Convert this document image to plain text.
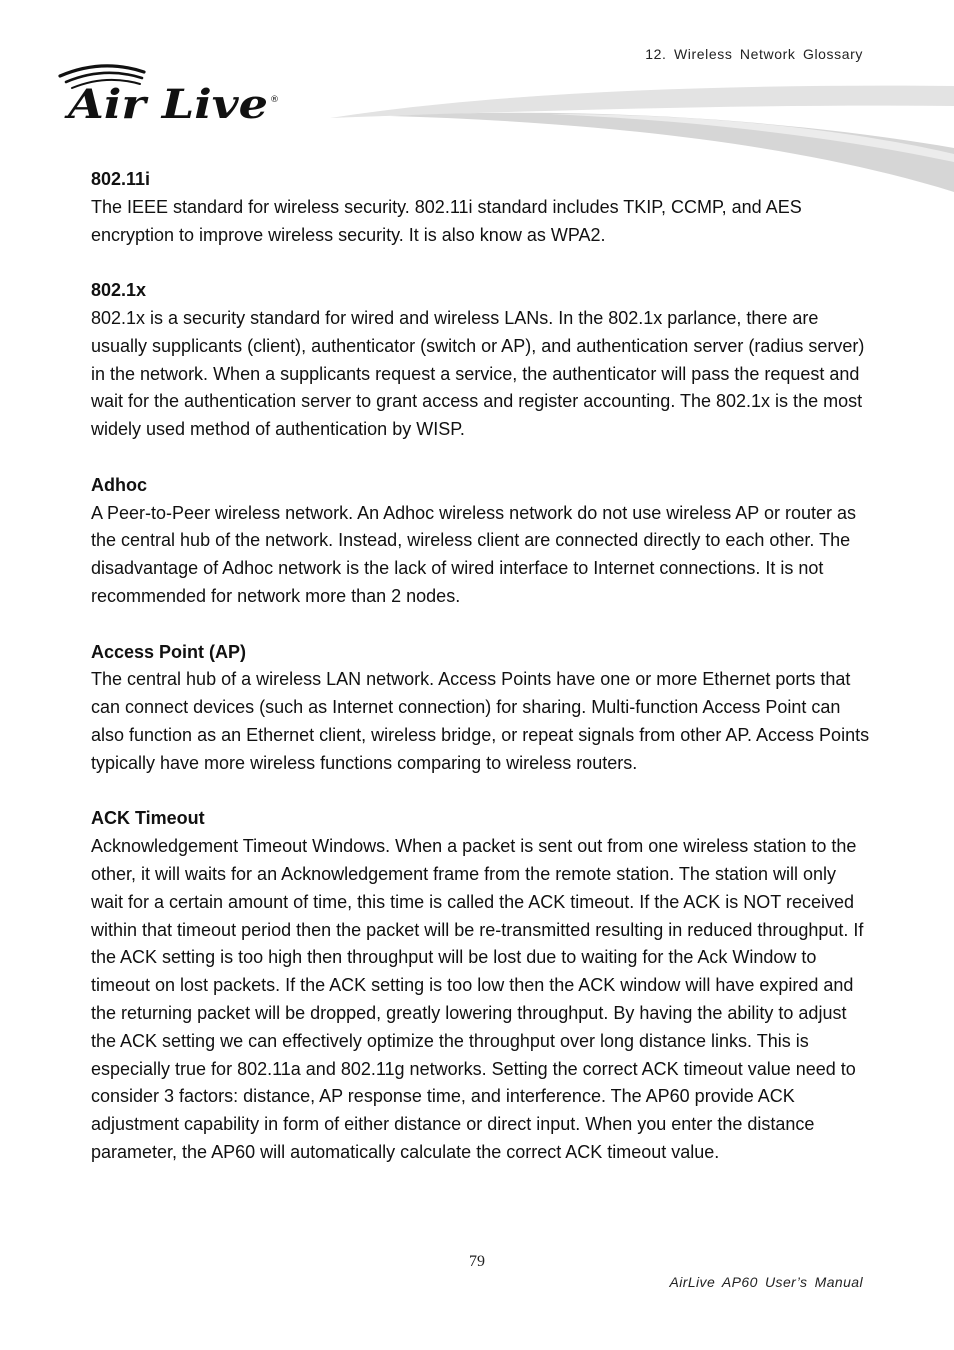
12. Wireless Network Glossary
Air Live ®
802.11i
The IEEE standard for wireless security. 802.11i standard includes TKIP, CCMP, and AES encryption to improve wireless security. It is also know as WPA2.
802.1x
802.1x is a security standard for wired and wireless LANs. In the 802.1x parlance, there are usually supplicants (client), authenticator (switch or AP), and authentication server (radius server) in the network. When a supplicants request a service, the authenticator will pass the request and wait for the authentication server to grant access and register accounting. The 802.1x is the most widely used method of authentication by WISP.
Adhoc
A Peer-to-Peer wireless network. An Adhoc wireless network do not use wireless AP or router as the central hub of the network. Instead, wireless client are connected directly to each other. The disadvantage of Adhoc network is the lack of wired interface to Internet connections. It is not recommended for network more than 2 nodes.
Access Point (AP)
The central hub of a wireless LAN network. Access Points have one or more Ethernet ports that can connect devices (such as Internet connection) for sharing. Multi-function Access Point can also function as an Ethernet client, wireless bridge, or repeat signals from other AP. Access Points typically have more wireless functions comparing to wireless routers.
ACK Timeout
Acknowledgement Timeout Windows. When a packet is sent out from one wireless station to the other, it will waits for an Acknowledgement frame from the remote station. The station will only wait for a certain amount of time, this time is called the ACK timeout. If the ACK is NOT received within that timeout period then the packet will be re-transmitted resulting in reduced throughput. If the ACK setting is too high then throughput will be lost due to waiting for the Ack Window to timeout on lost packets. If the ACK setting is too low then the ACK window will have expired and the returning packet will be dropped, greatly lowering throughput. By having the ability to adjust the ACK setting we can effectively optimize the throughput over long distance links. This is especially true for 802.11a and 802.11g networks. Setting the correct ACK timeout value need to consider 3 factors: distance, AP response time, and interference. The AP60 provide ACK adjustment capability in form of either distance or direct input. When you enter the distance parameter, the AP60 will automatically calculate the correct ACK timeout value.
79
AirLive AP60 User’s Manual
